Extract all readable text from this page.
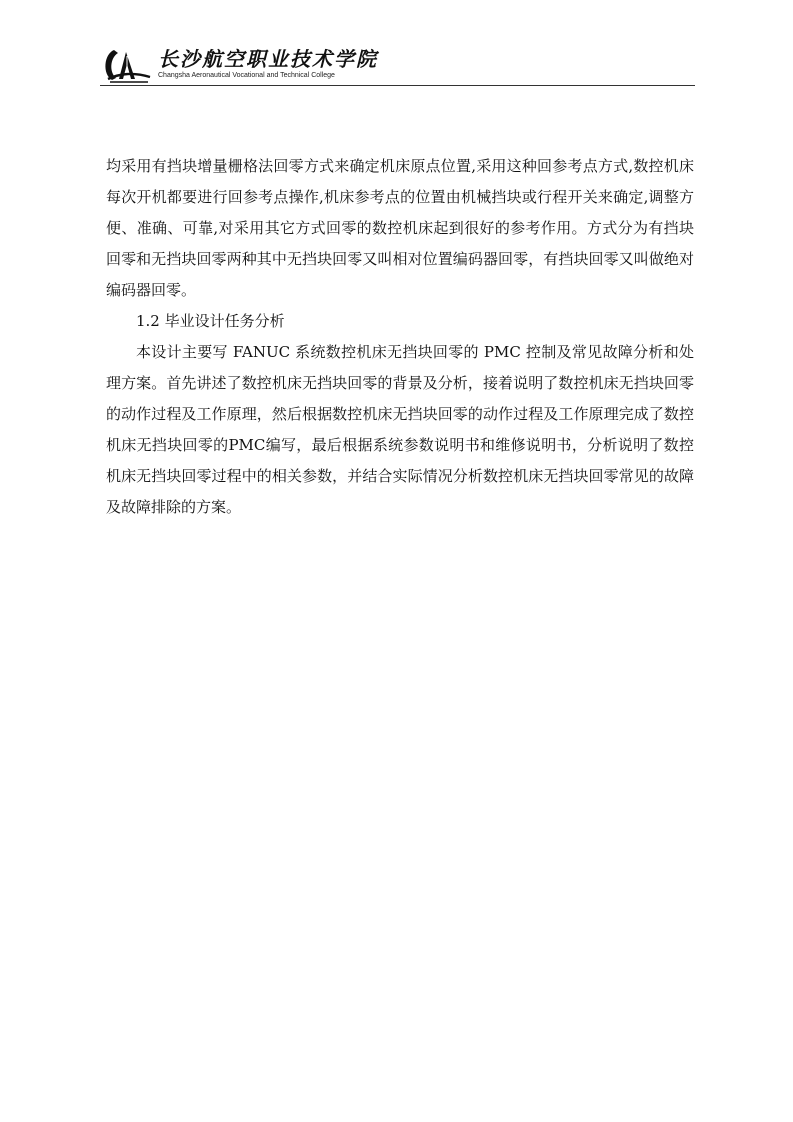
长沙航空职业技术学院
Changsha Aeronautical Vocational and Technical College

均采用有挡块增量栅格法回零方式来确定机床原点位置,采用这种回参考点方式,数控机床每次开机都要进行回参考点操作,机床参考点的位置由机械挡块或行程开关来确定,调整方便、准确、可靠,对采用其它方式回零的数控机床起到很好的参考作用。方式分为有挡块回零和无挡块回零两种其中无挡块回零又叫相对位置编码器回零，有挡块回零又叫做绝对编码器回零。

1.2 毕业设计任务分析

本设计主要写 FANUC 系统数控机床无挡块回零的 PMC 控制及常见故障分析和处理方案。首先讲述了数控机床无挡块回零的背景及分析，接着说明了数控机床无挡块回零的动作过程及工作原理，然后根据数控机床无挡块回零的动作过程及工作原理完成了数控机床无挡块回零的PMC编写，最后根据系统参数说明书和维修说明书，分析说明了数控机床无挡块回零过程中的相关参数，并结合实际情况分析数控机床无挡块回零常见的故障及故障排除的方案。
